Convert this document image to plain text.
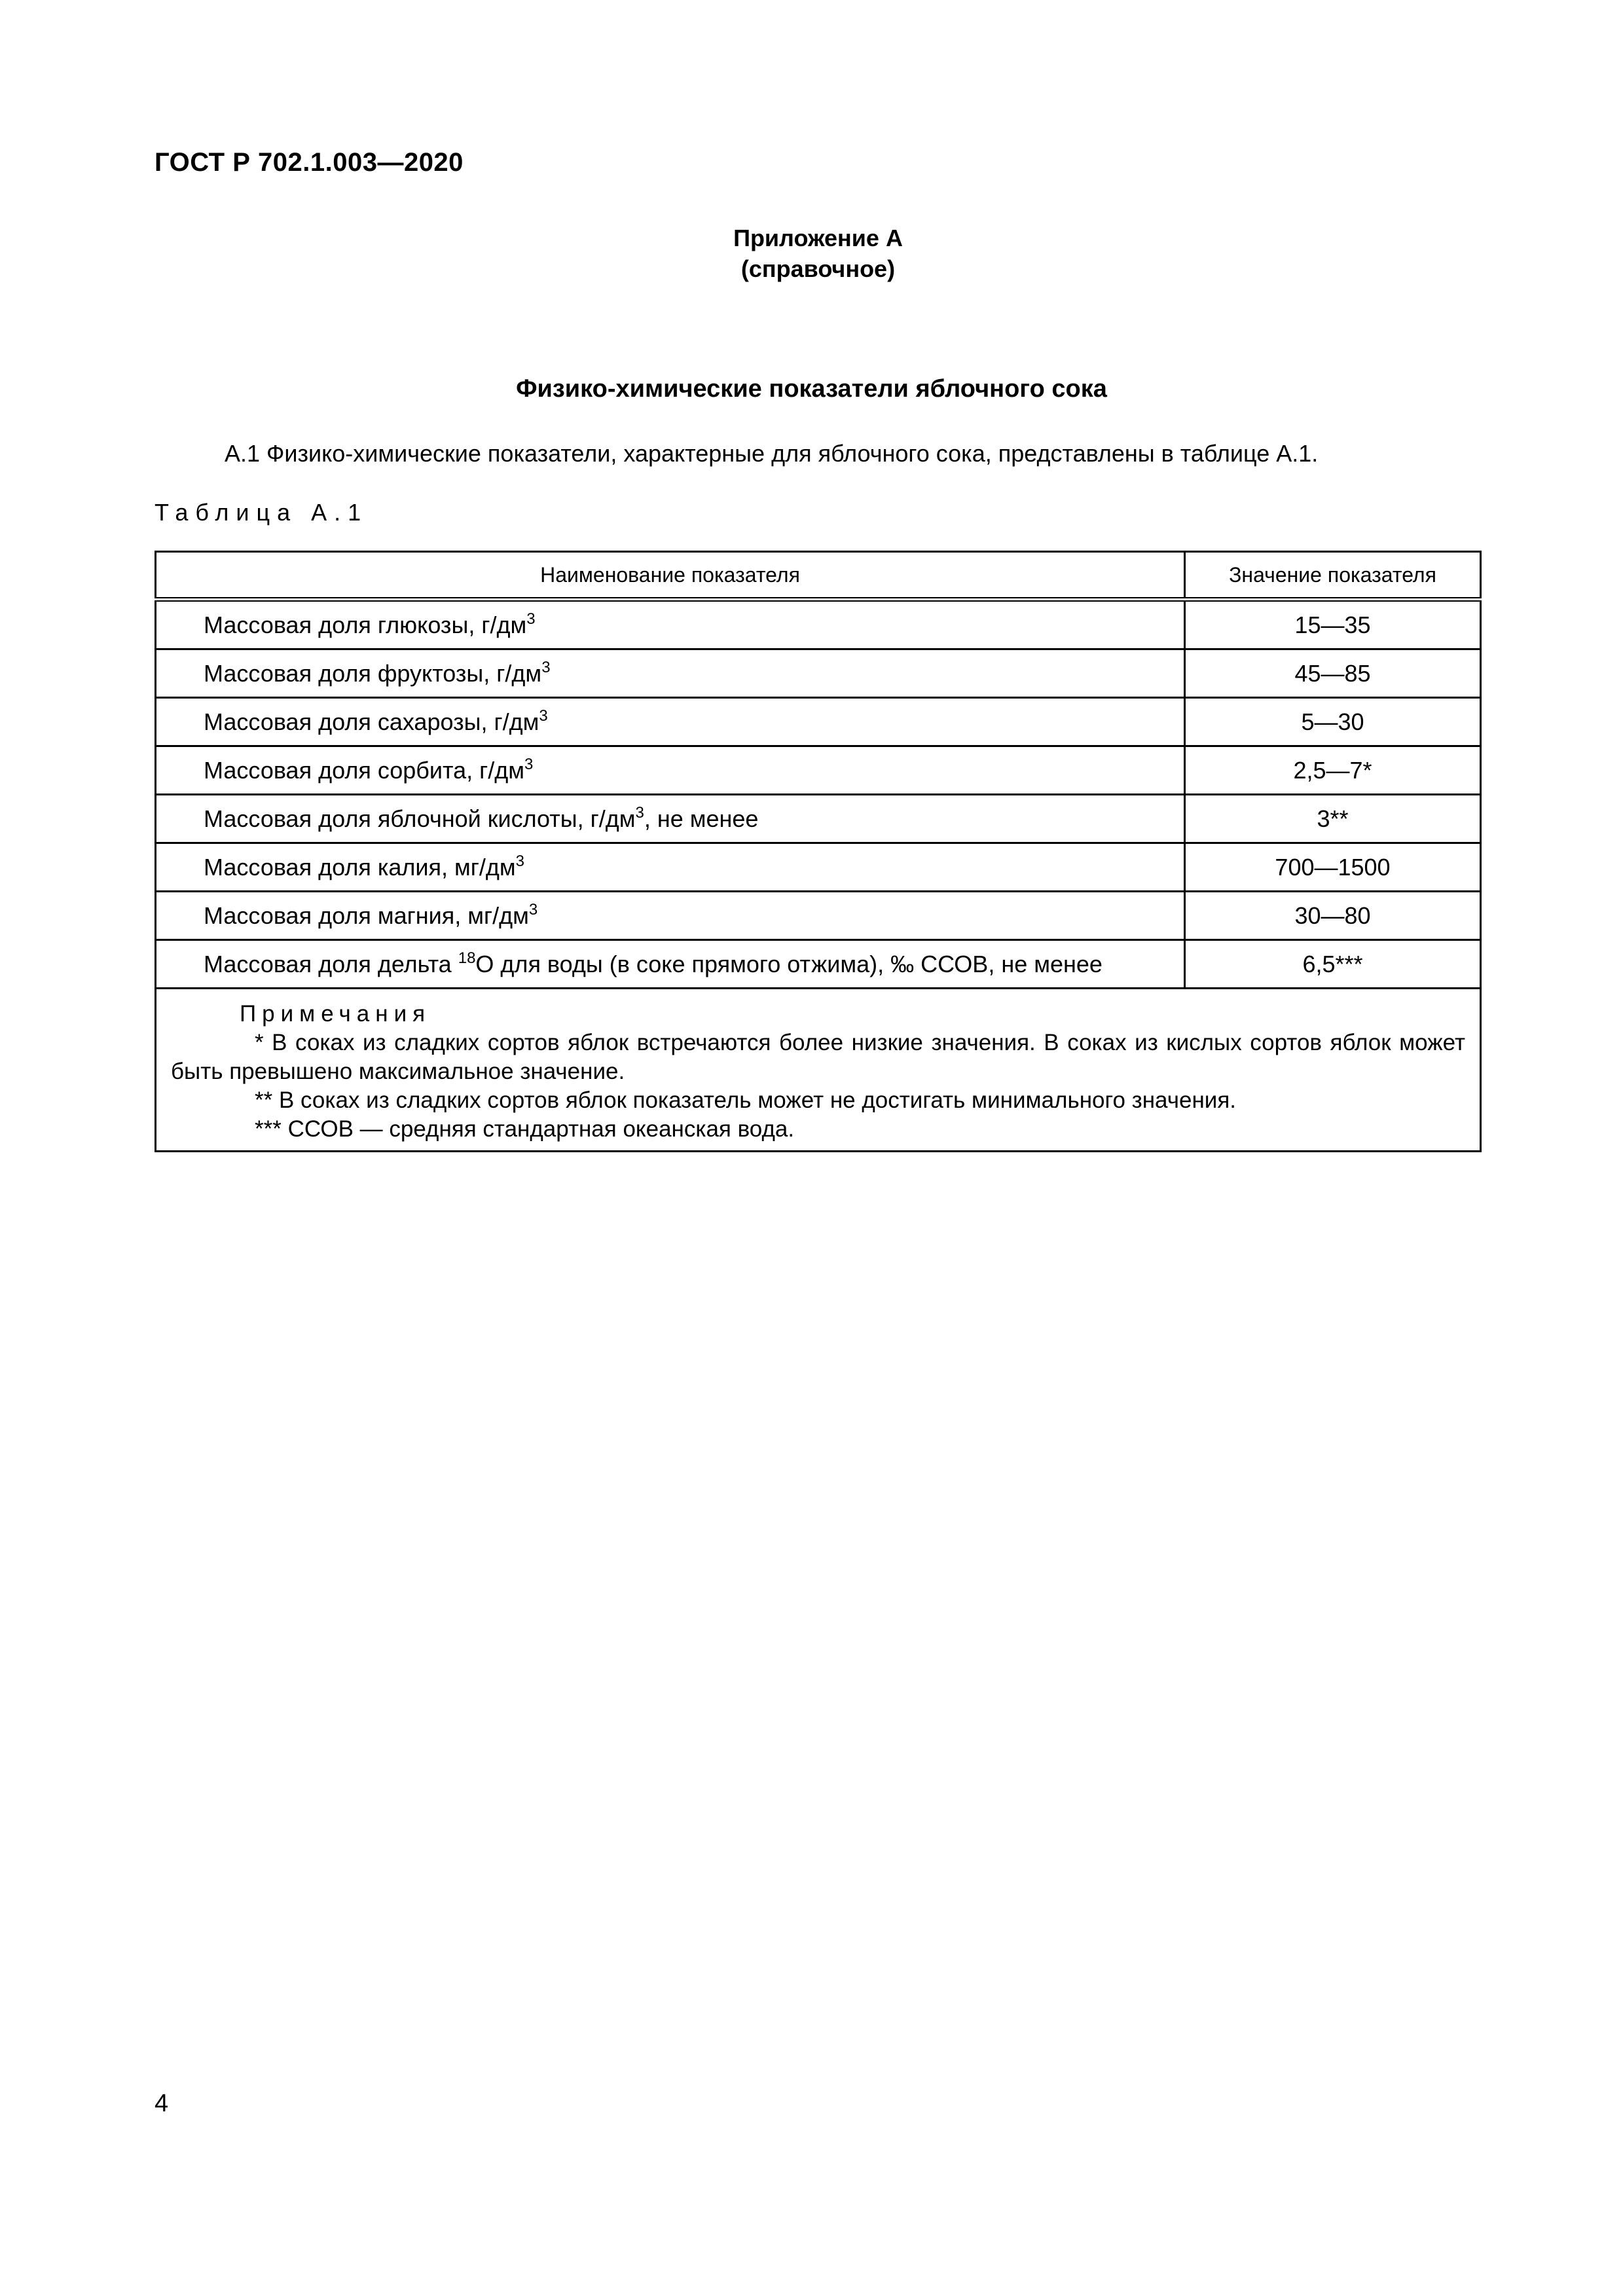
ГОСТ Р 702.1.003—2020
Приложение А
(справочное)
Физико-химические показатели яблочного сока
А.1 Физико-химические показатели, характерные для яблочного сока, представлены в таблице А.1.
Таблица А.1
Наименование показателя	Значение показателя
Массовая доля глюкозы, $г/дм^3$	15—35
Массовая доля фруктозы, $г/дм^3$	45—85
Массовая доля сахарозы, $г/дм^3$	5—30
Массовая доля сорбита, $г/дм^3$	2,5—7*
Массовая доля яблочной кислоты, $г/дм^3$, не менее	3**
Массовая доля калия, $мг/дм^3$	700—1500
Массовая доля магния, $мг/дм^3$	30—80
Массовая доля дельта $^{18}$O для воды (в соке прямого отжима), ‰ ССОВ, не менее	6,5***

Примечания
* В соках из сладких сортов яблок встречаются более низкие значения. В соках из кислых сортов яблок может быть превышено максимальное значение.
** В соках из сладких сортов яблок показатель может не достигать минимального значения.
*** ССОВ — средняя стандартная океанская вода.	
4
